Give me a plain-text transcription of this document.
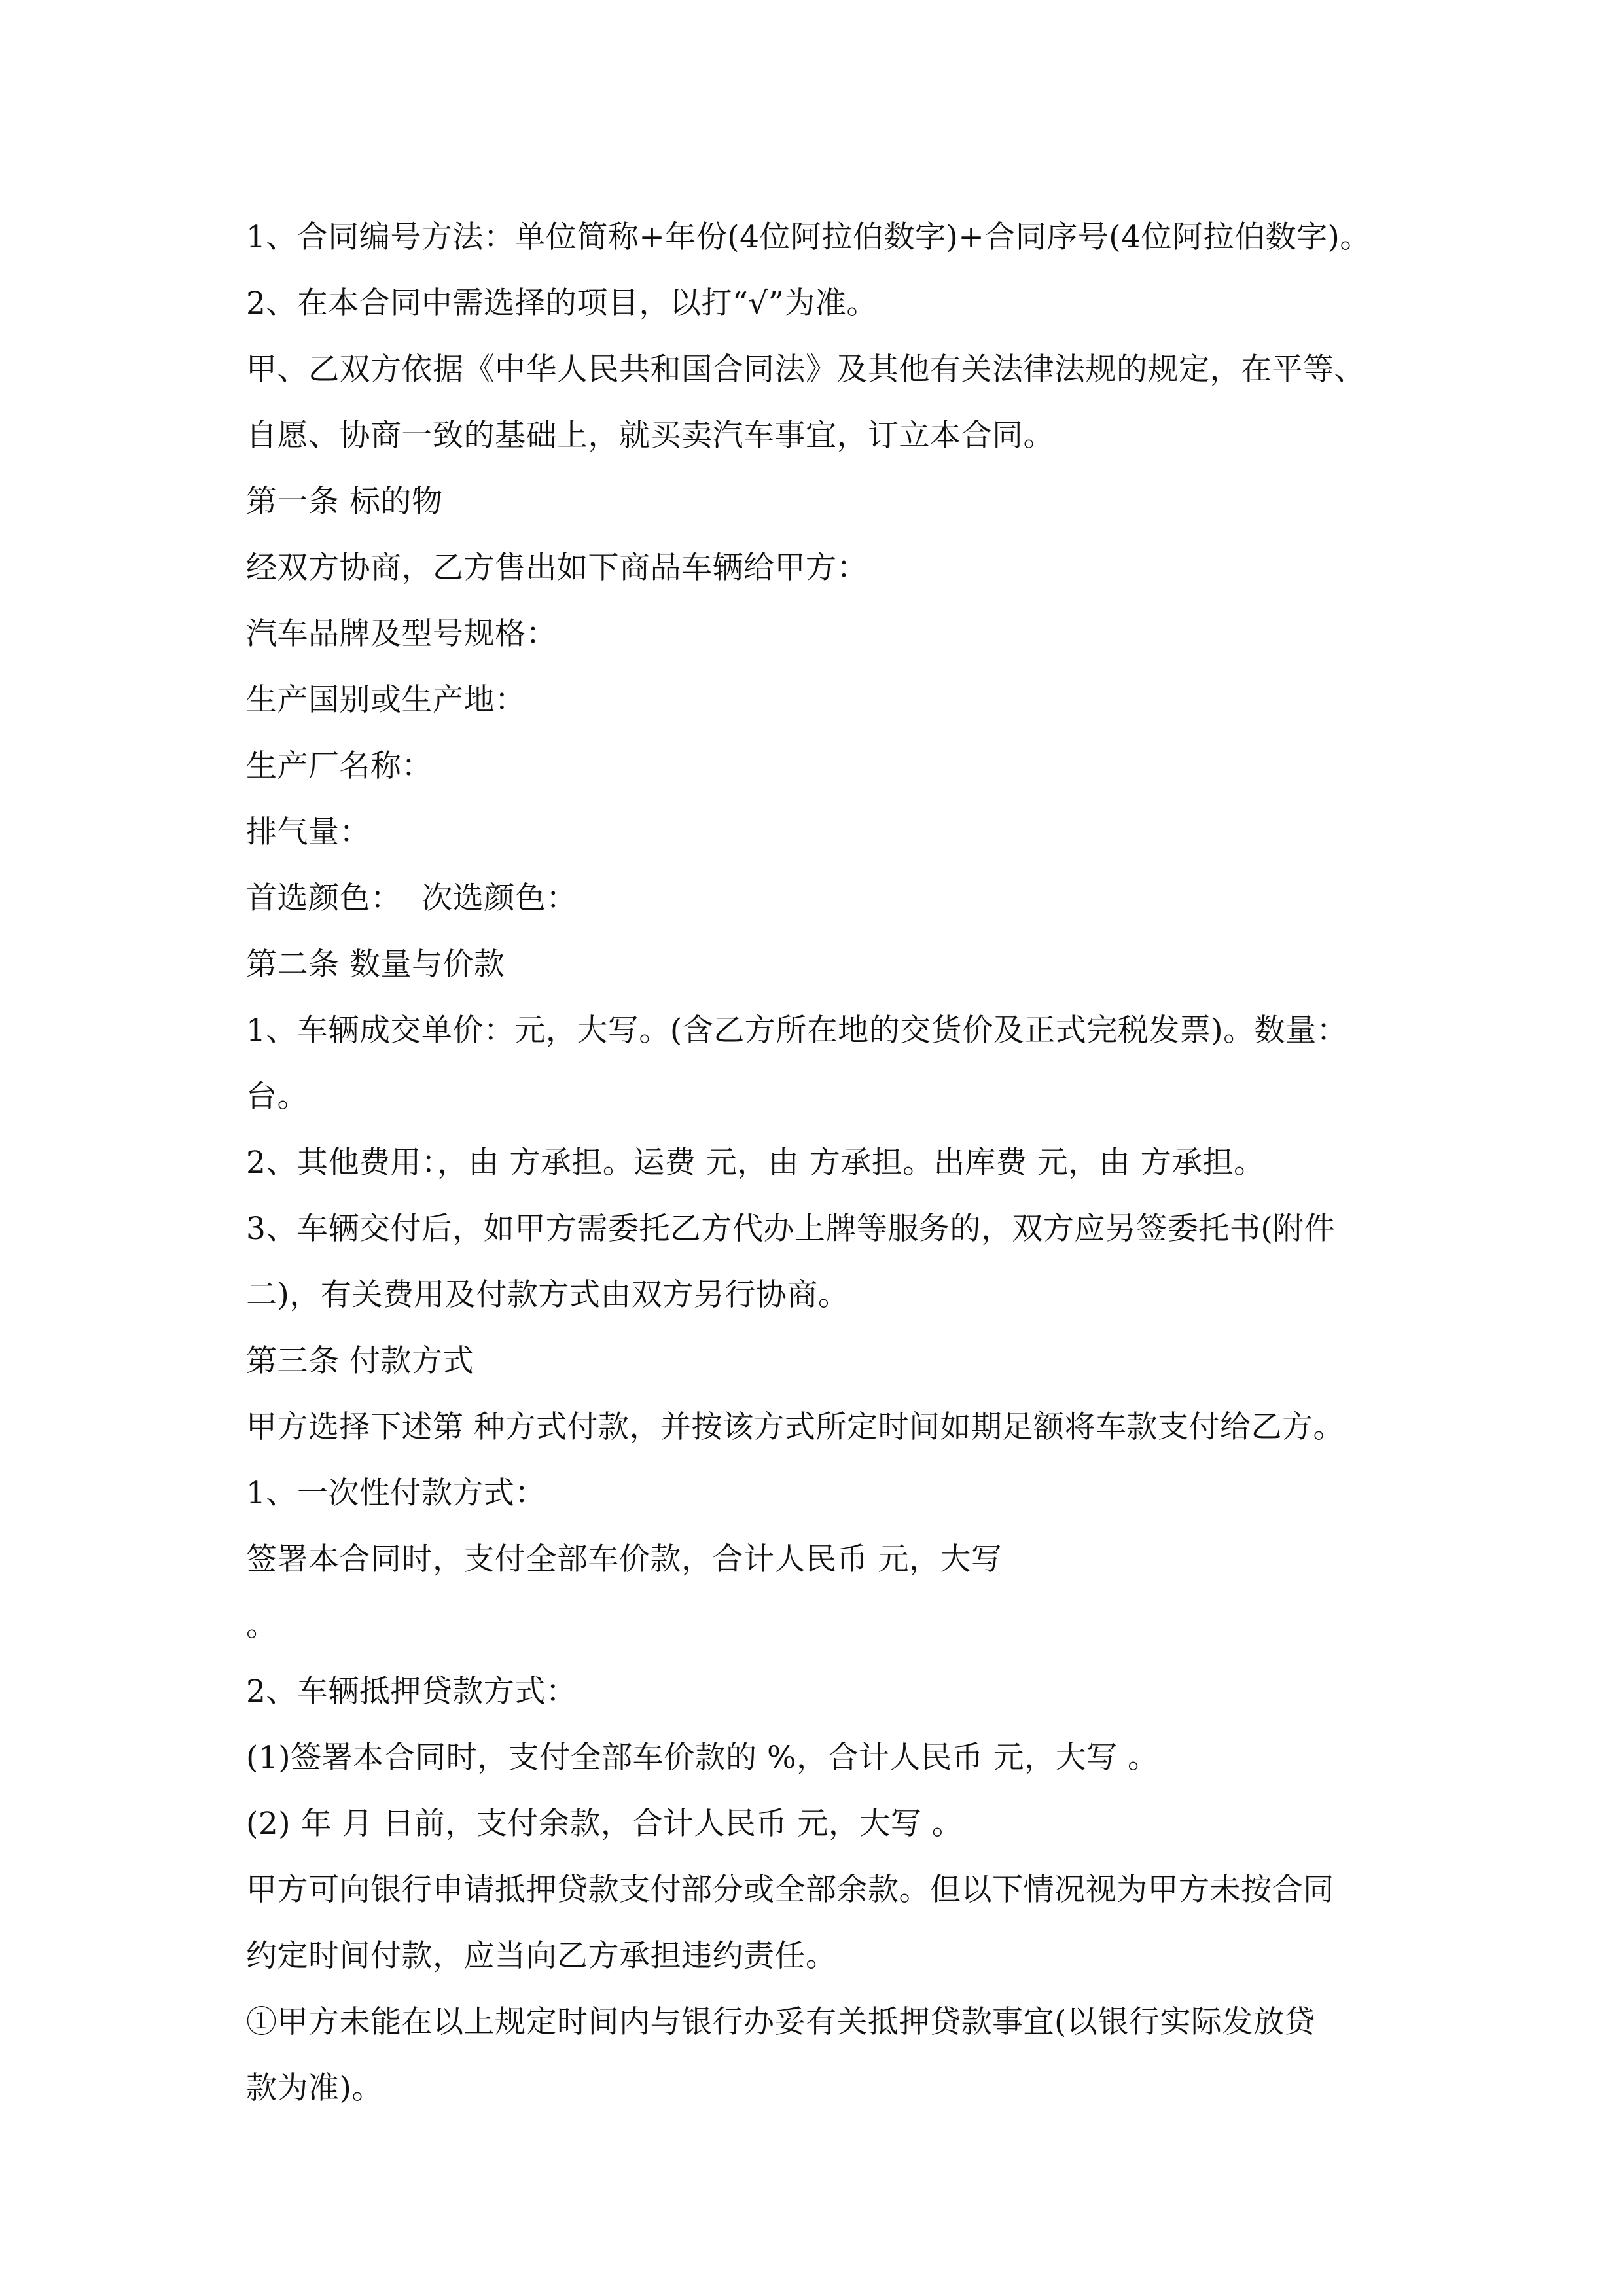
1、合同编号方法：单位简称+年份(4位阿拉伯数字)+合同序号(4位阿拉伯数字)。
2、在本合同中需选择的项目，以打“√”为准。
甲、乙双方依据《中华人民共和国合同法》及其他有关法律法规的规定，在平等、
自愿、协商一致的基础上，就买卖汽车事宜，订立本合同。
第一条 标的物
经双方协商，乙方售出如下商品车辆给甲方：
汽车品牌及型号规格：
生产国别或生产地：
生产厂名称：
排气量：
首选颜色：  次选颜色：
第二条 数量与价款
1、车辆成交单价：元，大写。(含乙方所在地的交货价及正式完税发票)。数量：
台。
2、其他费用：，由 方承担。运费 元，由 方承担。出库费 元，由 方承担。
3、车辆交付后，如甲方需委托乙方代办上牌等服务的，双方应另签委托书(附件
二)，有关费用及付款方式由双方另行协商。
第三条 付款方式
甲方选择下述第 种方式付款，并按该方式所定时间如期足额将车款支付给乙方。
1、一次性付款方式：
签署本合同时，支付全部车价款，合计人民币 元，大写
。
2、车辆抵押贷款方式：
(1)签署本合同时，支付全部车价款的 %，合计人民币 元，大写 。
(2) 年 月 日前，支付余款，合计人民币 元，大写 。
甲方可向银行申请抵押贷款支付部分或全部余款。但以下情况视为甲方未按合同
约定时间付款，应当向乙方承担违约责任。
①甲方未能在以上规定时间内与银行办妥有关抵押贷款事宜(以银行实际发放贷
款为准)。
